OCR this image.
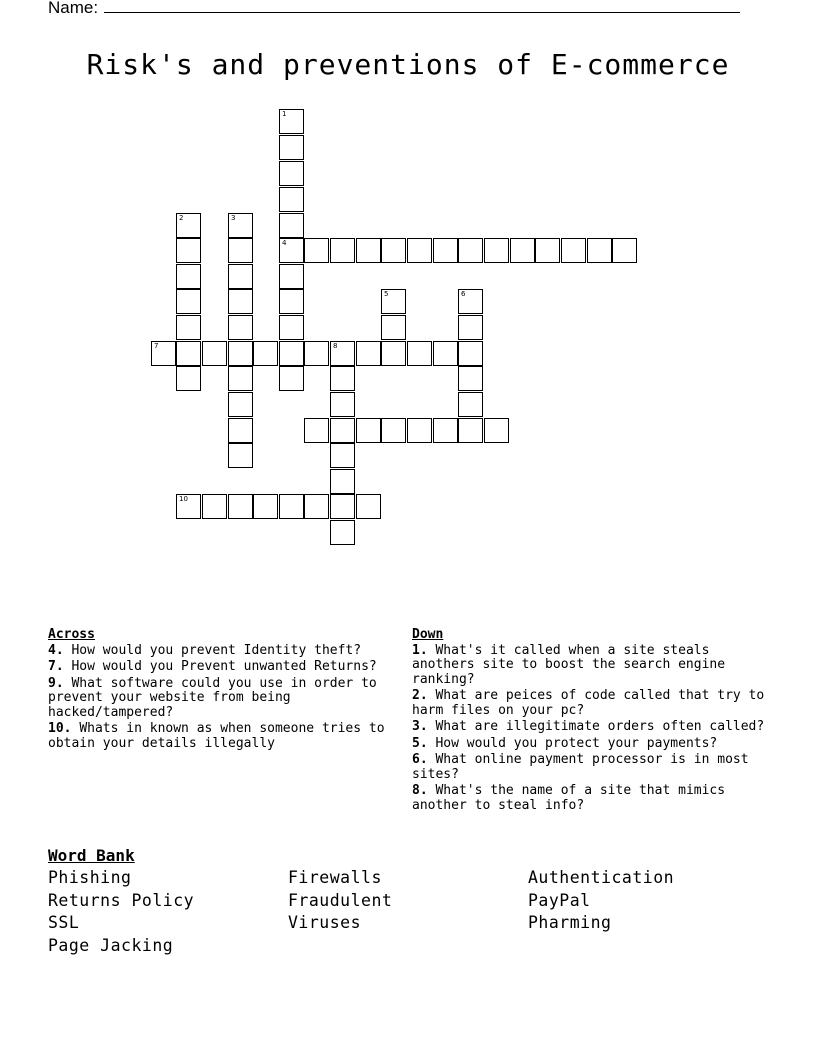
Name:
Risk's and preventions of E-commerce
1
4
2	3
5	6
7	8
10
Across
4. How would you prevent Identity theft?
7. How would you Prevent unwanted Returns?
9. What software could you use in order to prevent your website from being hacked/tampered?
10. Whats in known as when someone tries to obtain your details illegally
Down
1. What's it called when a site steals anothers site to boost the search engine ranking?
2. What are peices of code called that try to harm files on your pc?
3. What are illegitimate orders often called?
5. How would you protect your payments?
6. What online payment processor is in most sites?
8. What's the name of a site that mimics another to steal info?
Word Bank
Phishing	Firewalls	Authentication
Returns Policy	Fraudulent	PayPal
SSL	Viruses	Pharming
Page Jacking
